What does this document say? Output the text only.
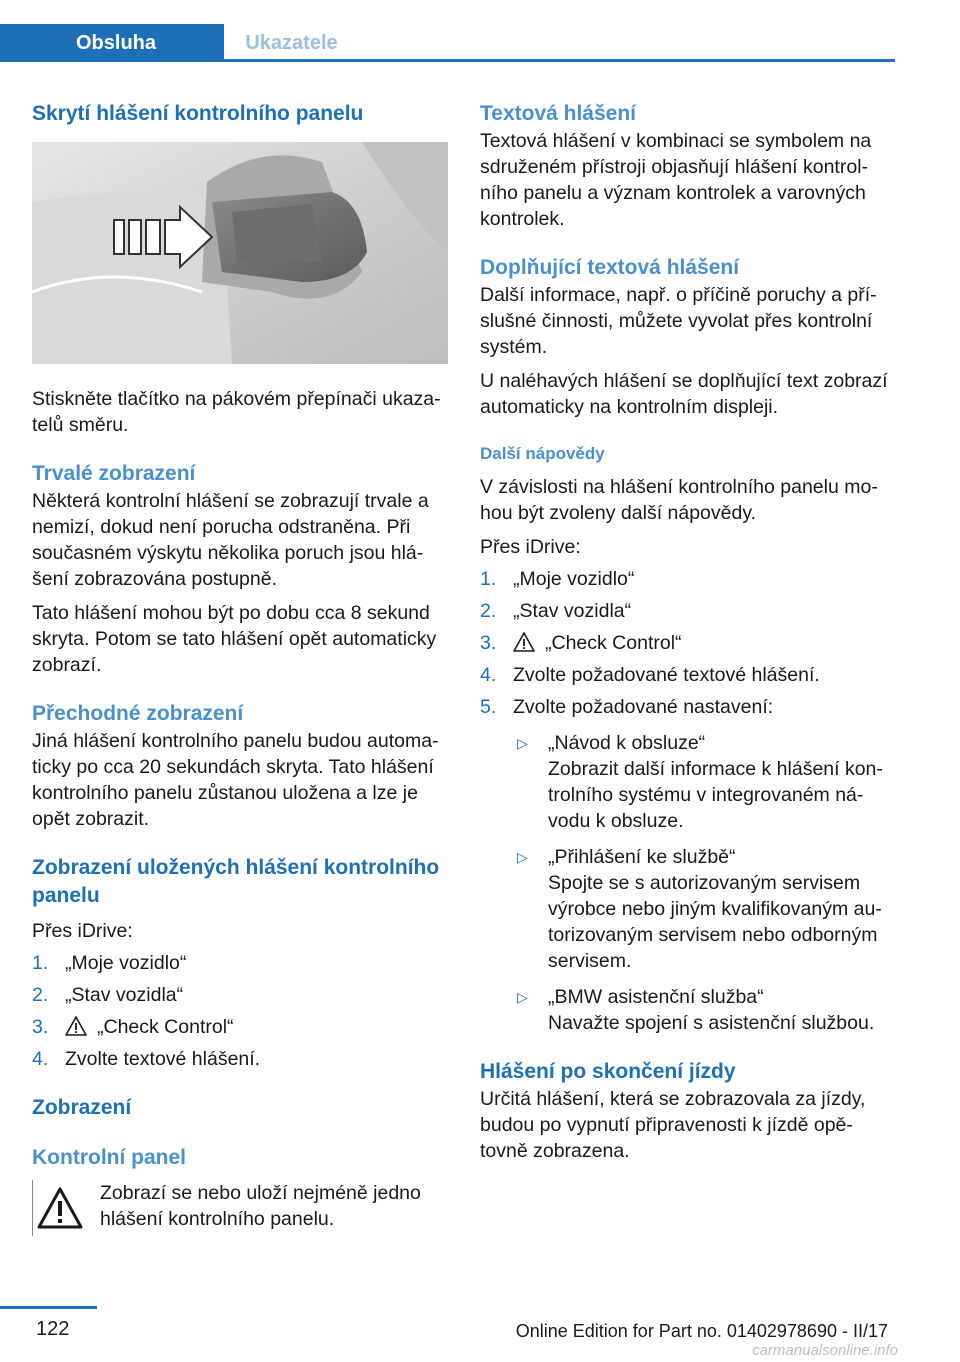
Obsluha	Ukazatele
Skrytí hlášení kontrolního panelu
Stiskněte tlačítko na pákovém přepínači ukaza-telů směru.
Trvalé zobrazení
Některá kontrolní hlášení se zobrazují trvale a nemizí, dokud není porucha odstraněna. Při současném výskytu několika poruch jsou hlá-šení zobrazována postupně.
Tato hlášení mohou být po dobu cca 8 sekund skryta. Potom se tato hlášení opět automaticky zobrazí.
Přechodné zobrazení
Jiná hlášení kontrolního panelu budou automa-ticky po cca 20 sekundách skryta. Tato hlášení kontrolního panelu zůstanou uložena a lze je opět zobrazit.
Zobrazení uložených hlášení kontrolního panelu
Přes iDrive:
1. „Moje vozidlo“
2. „Stav vozidla“
3. „Check Control“
4. Zvolte textové hlášení.
Zobrazení
Kontrolní panel
Zobrazí se nebo uloží nejméně jedno hlášení kontrolního panelu.
Textová hlášení
Textová hlášení v kombinaci se symbolem na sdruženém přístroji objasňují hlášení kontrol-ního panelu a význam kontrolek a varovných kontrolek.
Doplňující textová hlášení
Další informace, např. o příčině poruchy a pří-slušné činnosti, můžete vyvolat přes kontrolní systém.
U naléhavých hlášení se doplňující text zobrazí automaticky na kontrolním displeji.
Další nápovědy
V závislosti na hlášení kontrolního panelu mo-hou být zvoleny další nápovědy.
Přes iDrive:
1. „Moje vozidlo“
2. „Stav vozidla“
3. „Check Control“
4. Zvolte požadované textové hlášení.
5. Zvolte požadované nastavení:
▷ „Návod k obsluze“
Zobrazit další informace k hlášení kon-trolního systému v integrovaném ná-vodu k obsluze.
▷ „Přihlášení ke službě“
Spojte se s autorizovaným servisem výrobce nebo jiným kvalifikovaným au-torizovaným servisem nebo odborným servisem.
▷ „BMW asistenční služba“
Navažte spojení s asistenční službou.
Hlášení po skončení jízdy
Určitá hlášení, která se zobrazovala za jízdy, budou po vypnutí připravenosti k jízdě opě-tovně zobrazena.
122	Online Edition for Part no. 01402978690 - II/17
carmanualsonline.info
